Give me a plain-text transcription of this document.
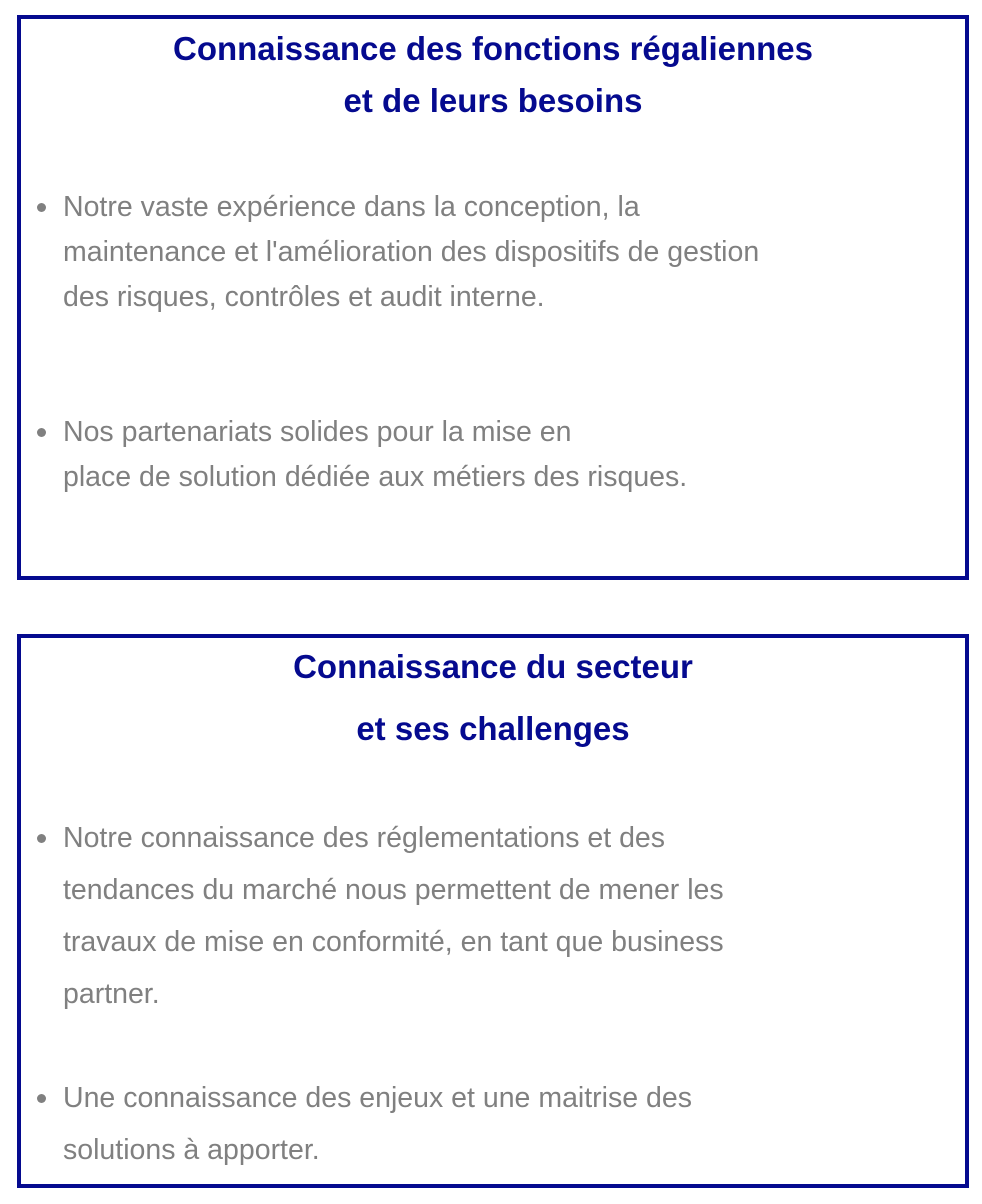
Connaissance des fonctions régaliennes
et de leurs besoins
Notre vaste expérience dans la conception, la
maintenance et l'amélioration des dispositifs de gestion
des risques, contrôles et audit interne.
Nos partenariats solides pour la mise en
place de solution dédiée aux métiers des risques.
Connaissance du secteur
et ses challenges
Notre connaissance des réglementations et des
tendances du marché nous permettent de mener les
travaux de mise en conformité, en tant que business
partner.
Une connaissance des enjeux et une maitrise des
solutions à apporter.
